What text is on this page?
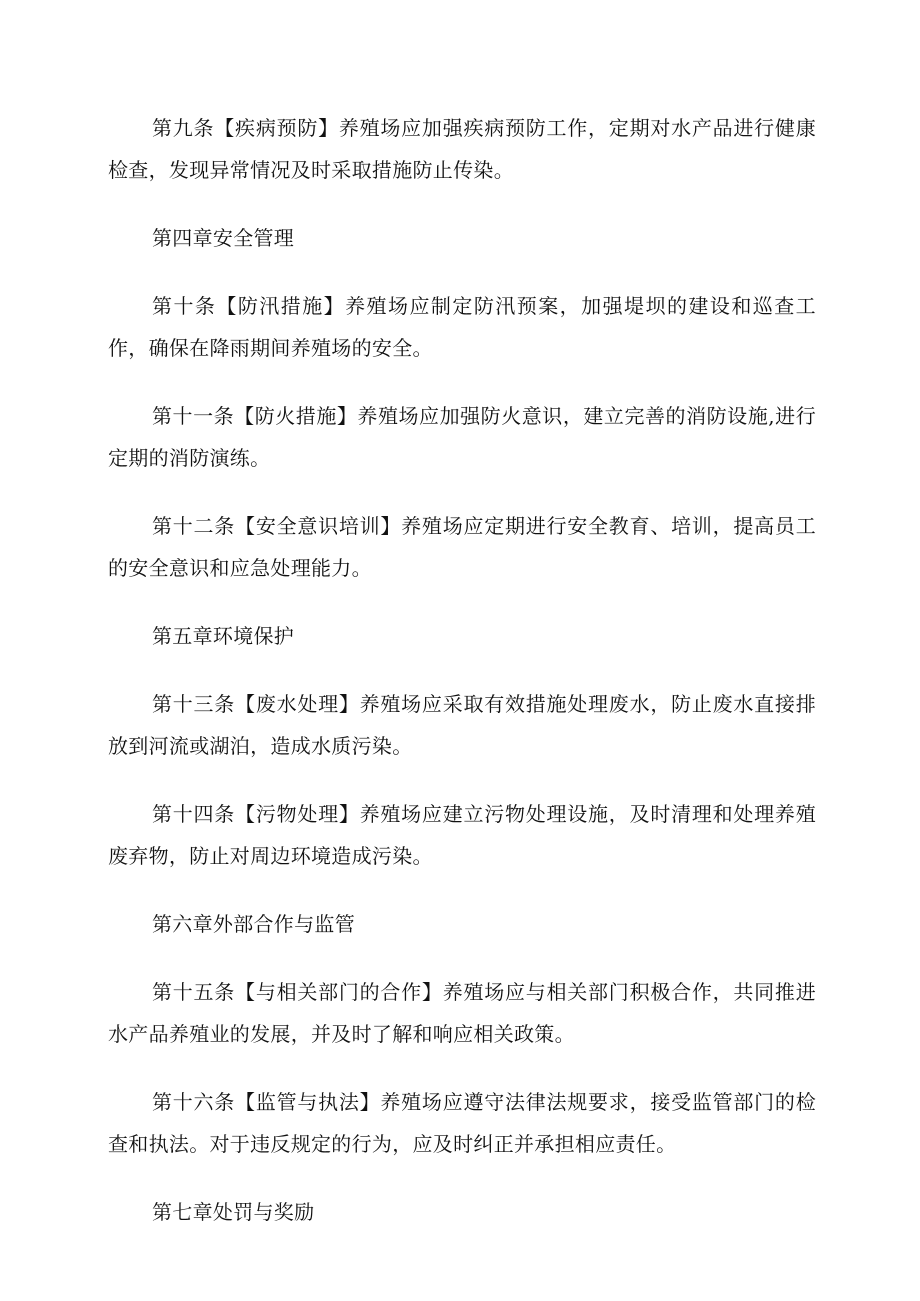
第九条【疾病预防】养殖场应加强疾病预防工作，定期对水产品进行健康检查，发现异常情况及时采取措施防止传染。

第四章安全管理

第十条【防汛措施】养殖场应制定防汛预案，加强堤坝的建设和巡查工作，确保在降雨期间养殖场的安全。

第十一条【防火措施】养殖场应加强防火意识，建立完善的消防设施,进行定期的消防演练。

第十二条【安全意识培训】养殖场应定期进行安全教育、培训，提高员工的安全意识和应急处理能力。

第五章环境保护

第十三条【废水处理】养殖场应采取有效措施处理废水，防止废水直接排放到河流或湖泊，造成水质污染。

第十四条【污物处理】养殖场应建立污物处理设施，及时清理和处理养殖废弃物，防止对周边环境造成污染。

第六章外部合作与监管

第十五条【与相关部门的合作】养殖场应与相关部门积极合作，共同推进水产品养殖业的发展，并及时了解和响应相关政策。

第十六条【监管与执法】养殖场应遵守法律法规要求，接受监管部门的检查和执法。对于违反规定的行为，应及时纠正并承担相应责任。

第七章处罚与奖励
